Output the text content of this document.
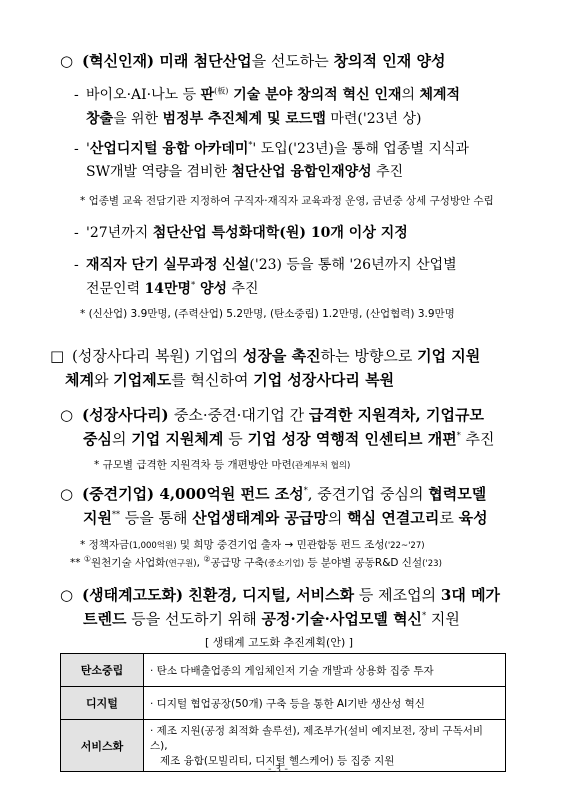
○ (혁신인재) 미래 첨단산업을 선도하는 창의적 인재 양성
- 바이오·AI·나노 등 판$^{(板)}$ 기술 분야 창의적 혁신 인재의 체계적
창출을 위한 범정부 추진체계 및 로드맵 마련('23년 상)
- '산업디지털 융합 아카데미*' 도입('23년)을 통해 업종별 지식과
SW개발 역량을 겸비한 첨단산업 융합인재양성 추진
* 업종별 교육 전담기관 지정하여 구직자·재직자 교육과정 운영, 금년중 상세 구성방안 수립
- '27년까지 첨단산업 특성화대학(원) 10개 이상 지정
- 재직자 단기 실무과정 신설('23) 등을 통해 '26년까지 산업별
전문인력 14만명* 양성 추진
* (신산업) 3.9만명, (주력산업) 5.2만명, (탄소중립) 1.2만명, (산업협력) 3.9만명
□ (성장사다리 복원) 기업의 성장을 촉진하는 방향으로 기업 지원
체계와 기업제도를 혁신하여 기업 성장사다리 복원
○ (성장사다리) 중소·중견·대기업 간 급격한 지원격차, 기업규모
중심의 기업 지원체계 등 기업 성장 역행적 인센티브 개편* 추진
* 규모별 급격한 지원격차 등 개편방안 마련(관계부처 협의)
○ (중견기업) 4,000억원 펀드 조성*, 중견기업 중심의 협력모델
지원** 등을 통해 산업생태계와 공급망의 핵심 연결고리로 육성
* 정책자금(1,000억원) 및 희망 중견기업 출자 → 민관합동 펀드 조성('22~'27)
** ①원천기술 사업화(연구원), ②공급망 구축(중소기업) 등 분야별 공동R&D 신설('23)
○ (생태계고도화) 친환경, 디지털, 서비스화 등 제조업의 3대 메가
트렌드 등을 선도하기 위해 공정·기술·사업모델 혁신* 지원
[ 생태계 고도화 추진계획(안) ]
탄소중립	· 탄소 다배출업종의 게임체인저 기술 개발과 상용화 집중 투자
디지털	· 디지털 협업공장(50개) 구축 등을 통한 AI기반 생산성 혁신
서비스화	· 제조 지원(공정 최적화 솔루션), 제조부가(설비 예지보전, 장비 구독서비스),
제조 융합(모빌리티, 디지털 헬스케어) 등 집중 지원
- 3 -
